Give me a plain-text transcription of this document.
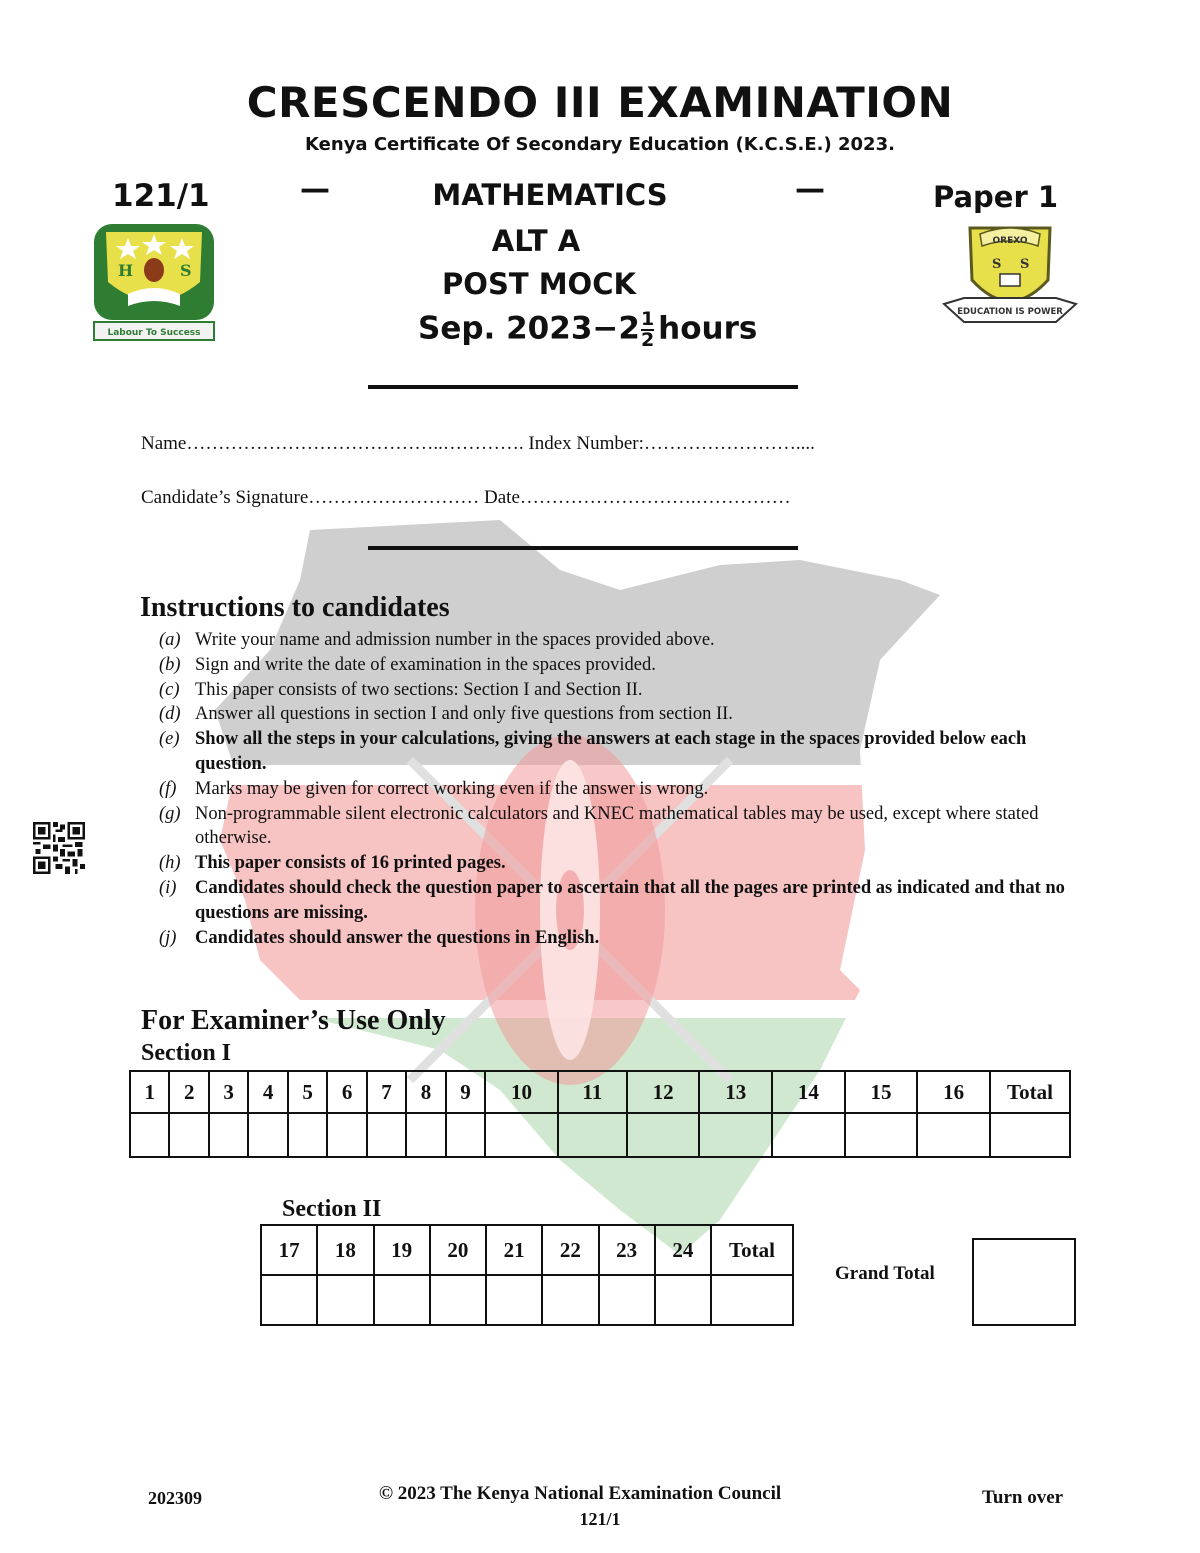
CRESCENDO III EXAMINATION
Kenya Certificate Of Secondary Education (K.C.S.E.) 2023.
121/1	—	MATHEMATICS	—	Paper 1
ALT A
POST MOCK
Sep. $2023-2 \frac{1}{2}$ hours
H	S
Labour To Success
OREXO
S S
EDUCATION IS POWER
Name…………………………………..…………. Index Number:……………………....
Candidate’s Signature……………………… Date……………………….……………
Instructions to candidates
(a) Write your name and admission number in the spaces provided above.
(b) Sign and write the date of examination in the spaces provided.
(c) This paper consists of two sections: Section I and Section II.
(d) Answer all questions in section I and only five questions from section II.
(e) Show all the steps in your calculations, giving the answers at each stage in the spaces provided below each question.
(f)	Marks may be given for correct working even if the answer is wrong.
(g) Non-programmable silent electronic calculators and KNEC mathematical tables may be used, except where stated otherwise.
(h) This paper consists of 16 printed pages.
(i)	Candidates should check the question paper to ascertain that all the pages are printed as indicated and that no questions are missing.
(j)	Candidates should answer the questions in English.
For Examiner’s Use Only
Section I
1	2	3	4	5	6	7	8	9	10	11	12	13	14	15	16	Total

Section II
17	18	19	20	21	22	23	24	Total

Grand Total
202309	© 2023 The Kenya National Examination Council
121/1
Turn over
